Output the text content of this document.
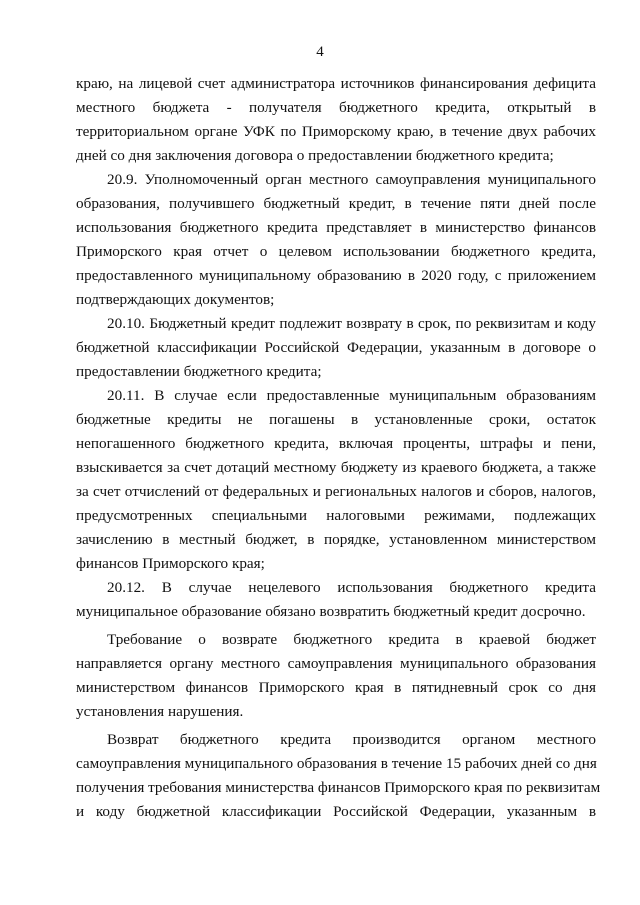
4
краю, на лицевой счет администратора источников финансирования дефицита
местного бюджета - получателя бюджетного кредита, открытый в
территориальном органе УФК по Приморскому краю, в течение двух рабочих
дней со дня заключения договора о предоставлении бюджетного кредита;
20.9. Уполномоченный орган местного самоуправления муниципального
образования, получившего бюджетный кредит, в течение пяти дней после
использования бюджетного кредита представляет в министерство финансов
Приморского края отчет о целевом использовании бюджетного кредита,
предоставленного муниципальному образованию в 2020 году, с приложением
подтверждающих документов;
20.10. Бюджетный кредит подлежит возврату в срок, по реквизитам и коду
бюджетной классификации Российской Федерации, указанным в договоре о
предоставлении бюджетного кредита;
20.11. В случае если предоставленные муниципальным образованиям
бюджетные кредиты не погашены в установленные сроки, остаток
непогашенного бюджетного кредита, включая проценты, штрафы и пени,
взыскивается за счет дотаций местному бюджету из краевого бюджета, а также
за счет отчислений от федеральных и региональных налогов и сборов, налогов,
предусмотренных специальными налоговыми режимами, подлежащих
зачислению в местный бюджет, в порядке, установленном министерством
финансов Приморского края;
20.12. В случае нецелевого использования бюджетного кредита
муниципальное образование обязано возвратить бюджетный кредит досрочно.
Требование о возврате бюджетного кредита в краевой бюджет
направляется органу местного самоуправления муниципального образования
министерством финансов Приморского края в пятидневный срок со дня
установления нарушения.
Возврат бюджетного кредита производится органом местного
самоуправления муниципального образования в течение 15 рабочих дней со дня
получения требования министерства финансов Приморского края по реквизитам
и коду бюджетной классификации Российской Федерации, указанным в
